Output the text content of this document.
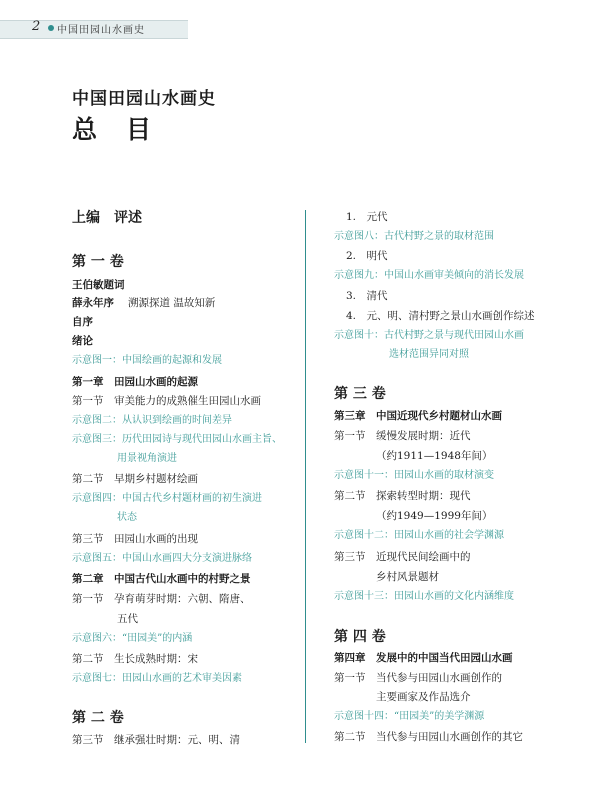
2 中国田园山水画史
中国田园山水画史
总　目
上编　评述
第 一 卷
王伯敏题词
薛永年序 溯源探道 温故知新
自序
绪论
示意图一：中国绘画的起源和发展
第一章　田园山水画的起源
第一节　审美能力的成熟催生田园山水画
示意图二：从认识到绘画的时间差异
示意图三：历代田园诗与现代田园山水画主旨、
用景视角演进
第二节　早期乡村题材绘画
示意图四：中国古代乡村题材画的初生演进
状态
第三节　田园山水画的出现
示意图五：中国山水画四大分支演进脉络
第二章　中国古代山水画中的村野之景
第一节　孕育萌芽时期：六朝、隋唐、
五代
示意图六：“田园美”的内涵
第二节　生长成熟时期：宋
示意图七：田园山水画的艺术审美因素
第 二 卷
第三节　继承强壮时期：元、明、清
1.　元代
示意图八：古代村野之景的取材范围
2.　明代
示意图九：中国山水画审美倾向的消长发展
3.　清代
4.　元、明、清村野之景山水画创作综述
示意图十：古代村野之景与现代田园山水画
选材范围异同对照
第 三 卷
第三章　中国近现代乡村题材山水画
第一节　缓慢发展时期：近代
（约1911—1948年间）
示意图十一：田园山水画的取材演变
第二节　探索转型时期：现代
（约1949—1999年间）
示意图十二：田园山水画的社会学渊源
第三节　近现代民间绘画中的
乡村风景题材
示意图十三：田园山水画的文化内涵维度
第 四 卷
第四章　发展中的中国当代田园山水画
第一节　当代参与田园山水画创作的
主要画家及作品选介
示意图十四：“田园美”的美学渊源
第二节　当代参与田园山水画创作的其它
